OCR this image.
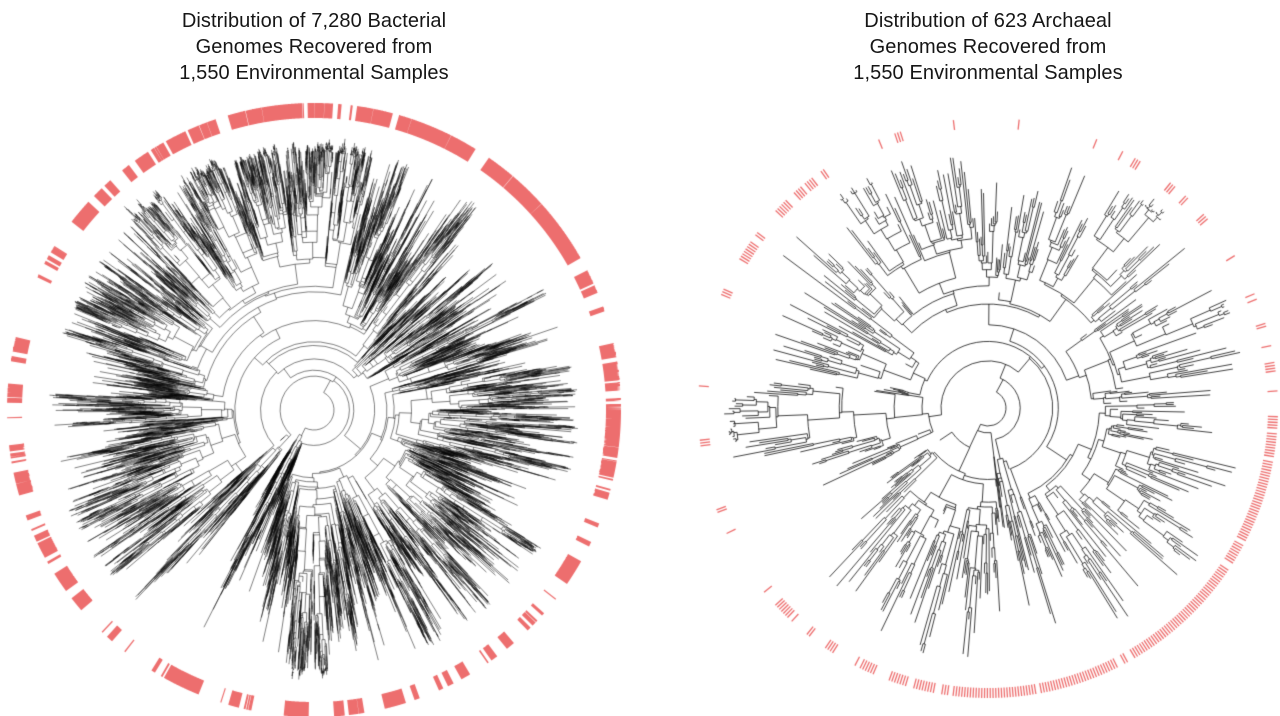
Distribution of 7,280 Bacterial
Genomes Recovered from
1,550 Environmental Samples
Distribution of 623 Archaeal
Genomes Recovered from
1,550 Environmental Samples
